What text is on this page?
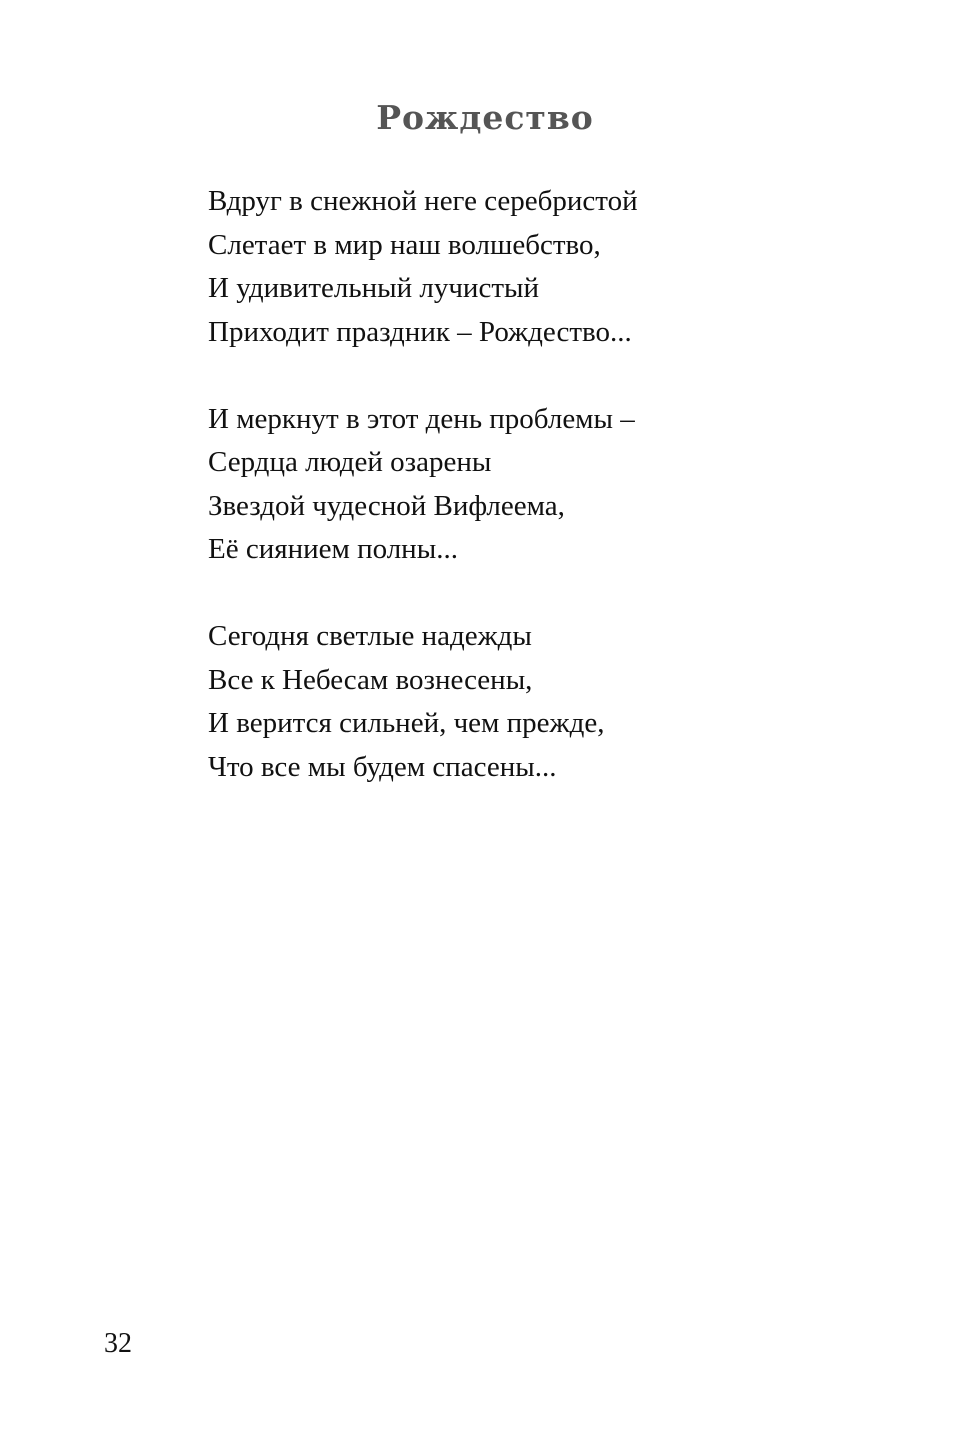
Рождество
Вдруг в снежной неге серебристой
Слетает в мир наш волшебство,
И удивительный лучистый
Приходит праздник – Рождество...
И меркнут в этот день проблемы –
Сердца людей озарены
Звездой чудесной Вифлеема,
Её сиянием полны...
Сегодня светлые надежды
Все к Небесам вознесены,
И верится сильней, чем прежде,
Что все мы будем спасены...
32
